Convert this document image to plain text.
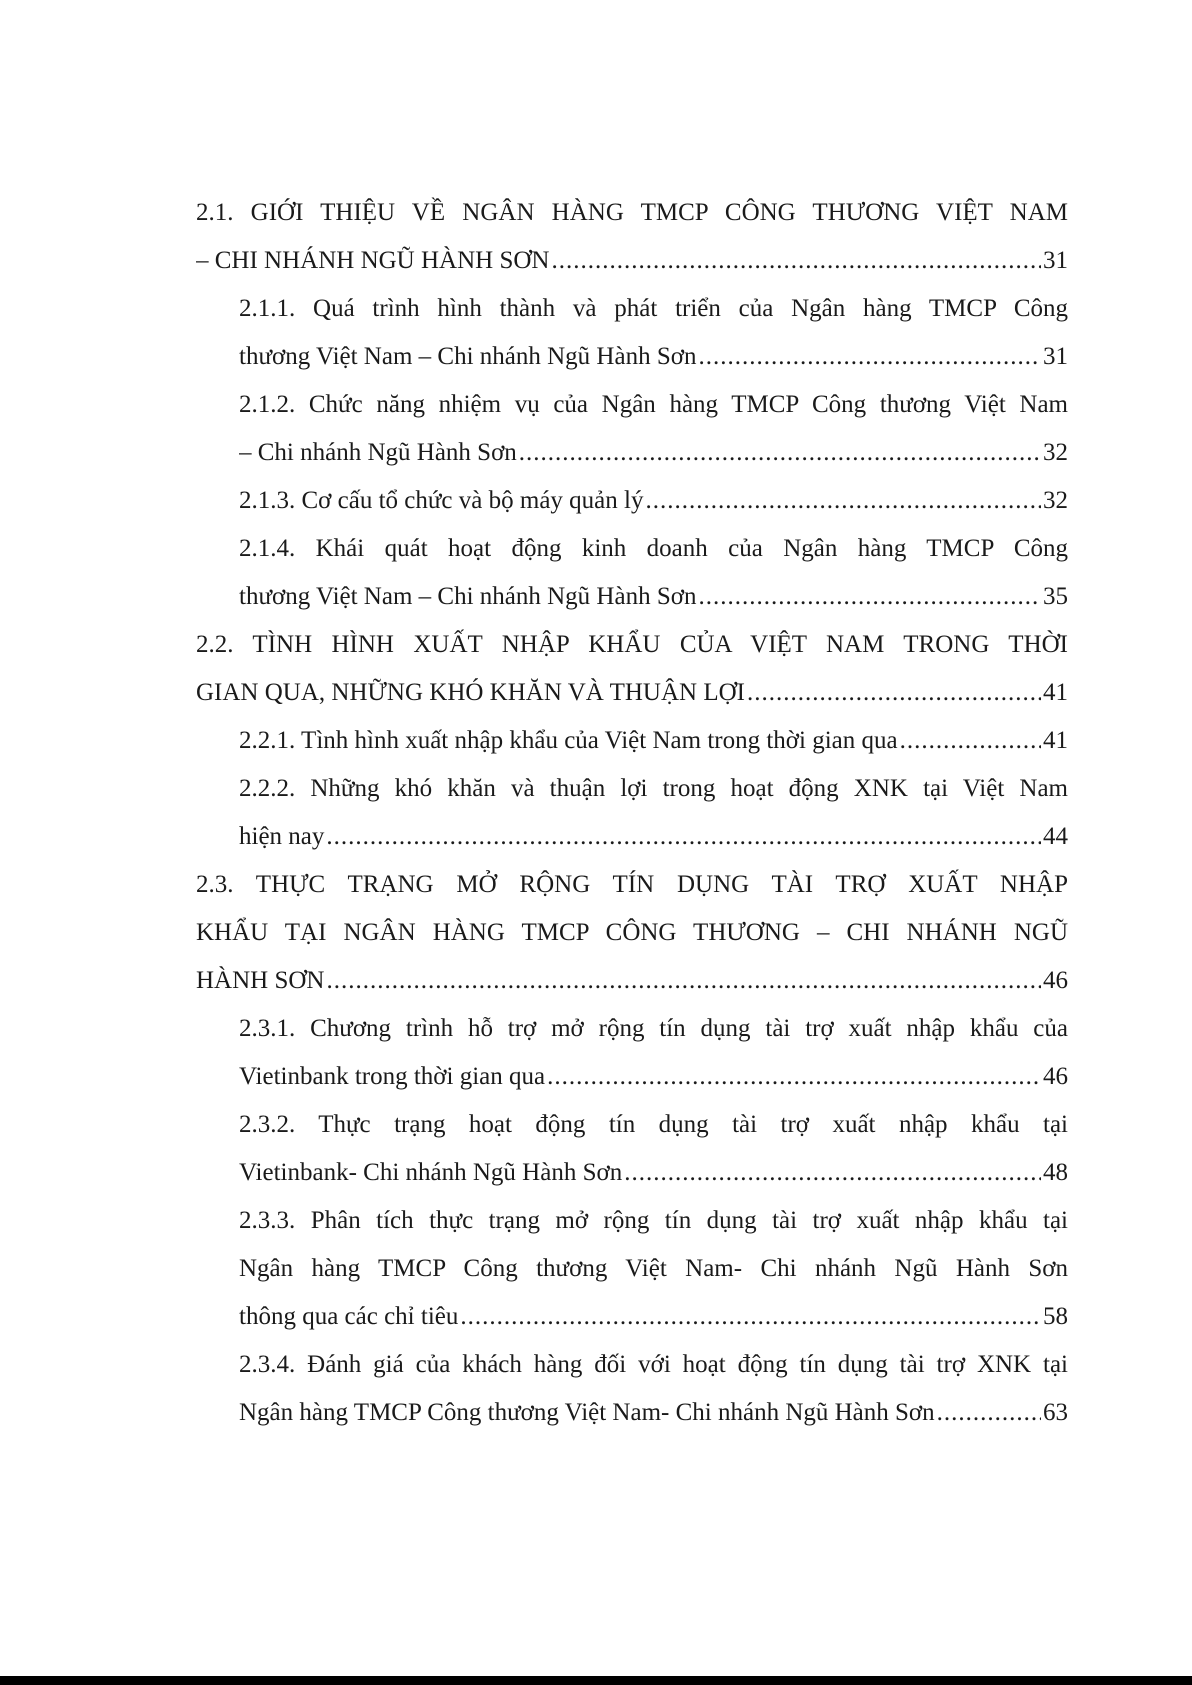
2.1. GIỚI THIỆU VỀ NGÂN HÀNG TMCP CÔNG THƯƠNG VIỆT NAM
– CHI NHÁNH NGŨ HÀNH SƠN .....	31
2.1.1. Quá trình hình thành và phát triển của Ngân hàng TMCP Công
thương Việt Nam – Chi nhánh Ngũ Hành Sơn .....	31
2.1.2. Chức năng nhiệm vụ của Ngân hàng TMCP Công thương Việt Nam
– Chi nhánh Ngũ Hành Sơn .....	32
2.1.3. Cơ cấu tổ chức và bộ máy quản lý .....	32
2.1.4. Khái quát hoạt động kinh doanh của Ngân hàng TMCP Công
thương Việt Nam – Chi nhánh Ngũ Hành Sơn .....	35
2.2. TÌNH HÌNH XUẤT NHẬP KHẨU CỦA VIỆT NAM TRONG THỜI
GIAN QUA, NHỮNG KHÓ KHĂN VÀ THUẬN LỢI .....	41
2.2.1. Tình hình xuất nhập khẩu của Việt Nam trong thời gian qua .....	41
2.2.2. Những khó khăn và thuận lợi trong hoạt động XNK tại Việt Nam
hiện nay .....	44
2.3. THỰC TRẠNG MỞ RỘNG TÍN DỤNG TÀI TRỢ XUẤT NHẬP
KHẨU TẠI NGÂN HÀNG TMCP CÔNG THƯƠNG – CHI NHÁNH NGŨ
HÀNH SƠN .....	46
2.3.1. Chương trình hỗ trợ mở rộng tín dụng tài trợ xuất nhập khẩu của
Vietinbank trong thời gian qua .....	46
2.3.2. Thực trạng hoạt động tín dụng tài trợ xuất nhập khẩu tại
Vietinbank- Chi nhánh Ngũ Hành Sơn .....	48
2.3.3. Phân tích thực trạng mở rộng tín dụng tài trợ xuất nhập khẩu tại
Ngân hàng TMCP Công thương Việt Nam- Chi nhánh Ngũ Hành Sơn
thông qua các chỉ tiêu .....	58
2.3.4. Đánh giá của khách hàng đối với hoạt động tín dụng tài trợ XNK tại
Ngân hàng TMCP Công thương Việt Nam- Chi nhánh Ngũ Hành Sơn .....	63
